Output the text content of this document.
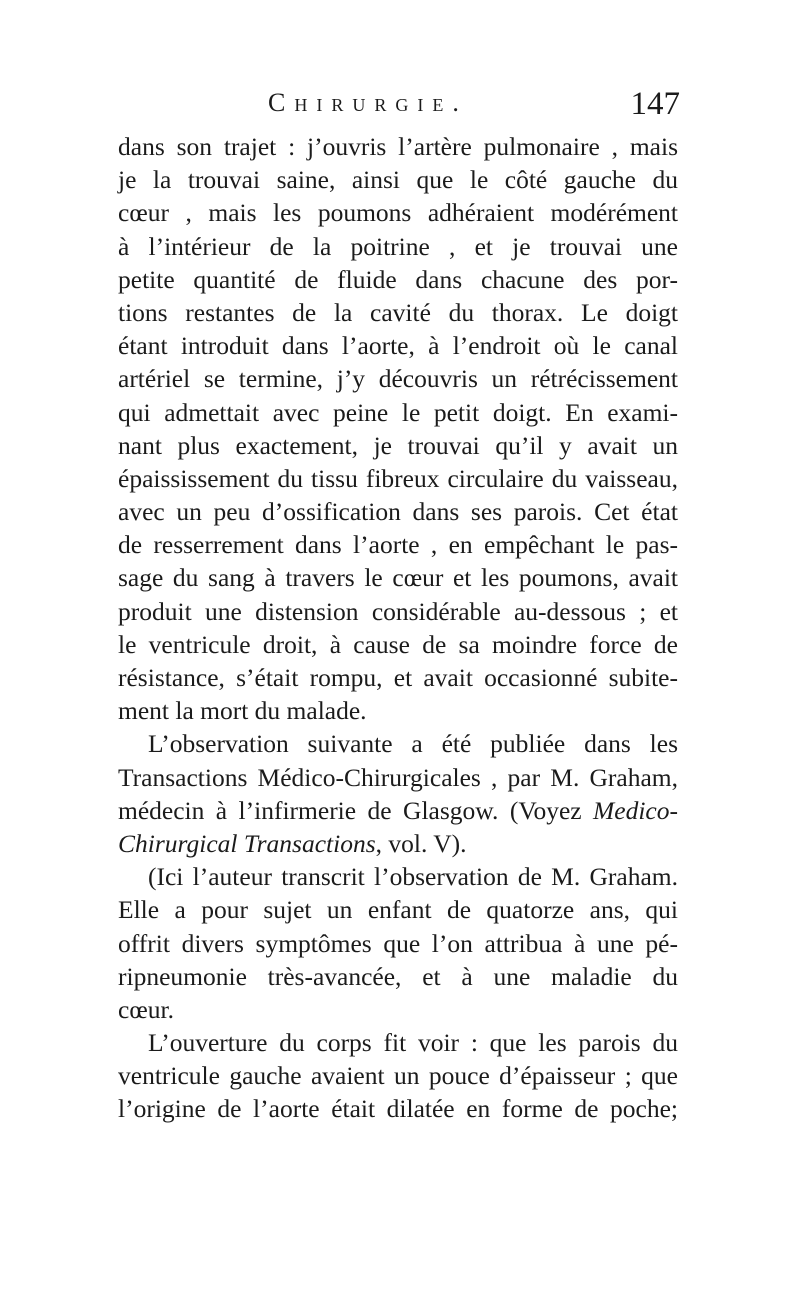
Chirurgie.	147
dans son trajet : j’ouvris l’artère pulmonaire , mais
je la trouvai saine, ainsi que le côté gauche du
cœur , mais les poumons adhéraient modérément
à l’intérieur de la poitrine , et je trouvai une
petite quantité de fluide dans chacune des por-
tions restantes de la cavité du thorax. Le doigt
étant introduit dans l’aorte, à l’endroit où le canal
artériel se termine, j’y découvris un rétrécissement
qui admettait avec peine le petit doigt. En exami-
nant plus exactement, je trouvai qu’il y avait un
épaississement du tissu fibreux circulaire du vaisseau,
avec un peu d’ossification dans ses parois. Cet état
de resserrement dans l’aorte , en empêchant le pas-
sage du sang à travers le cœur et les poumons, avait
produit une distension considérable au-dessous ; et
le ventricule droit, à cause de sa moindre force de
résistance, s’était rompu, et avait occasionné subite-
ment la mort du malade.
L’observation suivante a été publiée dans les
Transactions Médico-Chirurgicales , par M. Graham,
médecin à l’infirmerie de Glasgow. (Voyez Medico-
Chirurgical Transactions, vol. V).
(Ici l’auteur transcrit l’observation de M. Graham.
Elle a pour sujet un enfant de quatorze ans, qui
offrit divers symptômes que l’on attribua à une pé-
ripneumonie très-avancée, et à une maladie du
cœur.
L’ouverture du corps fit voir : que les parois du
ventricule gauche avaient un pouce d’épaisseur ; que
l’origine de l’aorte était dilatée en forme de poche;
